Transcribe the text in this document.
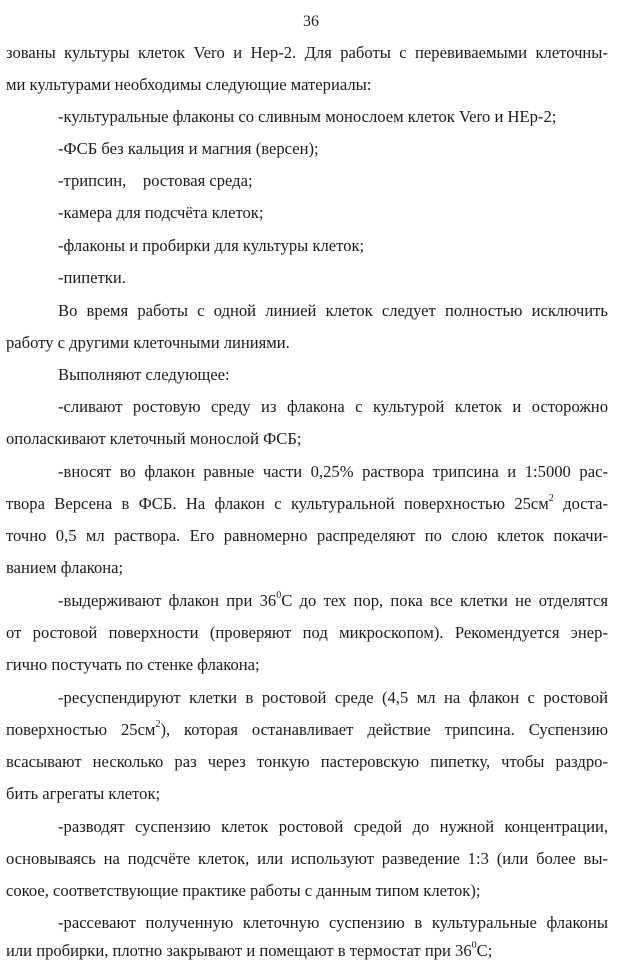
36
зованы культуры клеток Vero и Hep-2. Для работы с перевиваемыми клеточны-
ми культурами необходимы следующие материалы:
-культуральные флаконы со сливным монослоем клеток Vero и HEp-2;
-ФСБ без кальция и магния (версен);
-трипсин,    ростовая среда;
-камера для подсчёта клеток;
-флаконы и пробирки для культуры клеток;
-пипетки.
Во время работы с одной линией клеток следует полностью исключить
работу с другими клеточными линиями.
Выполняют следующее:
-сливают ростовую среду из флакона с культурой клеток и осторожно
ополаскивают клеточный монослой ФСБ;
-вносят во флакон равные части 0,25% раствора трипсина и 1:5000 рас-
твора Версена в ФСБ. На флакон с культуральной поверхностью $25см^2$ доста-
точно 0,5 мл раствора. Его равномерно распределяют по слою клеток покачи-
ванием флакона;
-выдерживают флакон при $36^0С$ до тех пор, пока все клетки не отделятся
от ростовой поверхности (проверяют под микроскопом). Рекомендуется энер-
гично постучать по стенке флакона;
-ресуспендируют клетки в ростовой среде (4,5 мл на флакон с ростовой
поверхностью $25см^2$), которая останавливает действие трипсина. Суспензию
всасывают несколько раз через тонкую пастеровскую пипетку, чтобы раздро-
бить агрегаты клеток;
-разводят суспензию клеток ростовой средой до нужной концентрации,
основываясь на подсчёте клеток, или используют разведение 1:3 (или более вы-
сокое, соответствующие практике работы с данным типом клеток);
-рассевают полученную клеточную суспензию в культуральные флаконы
или пробирки, плотно закрывают и помещают в термостат при $36^0С$;
